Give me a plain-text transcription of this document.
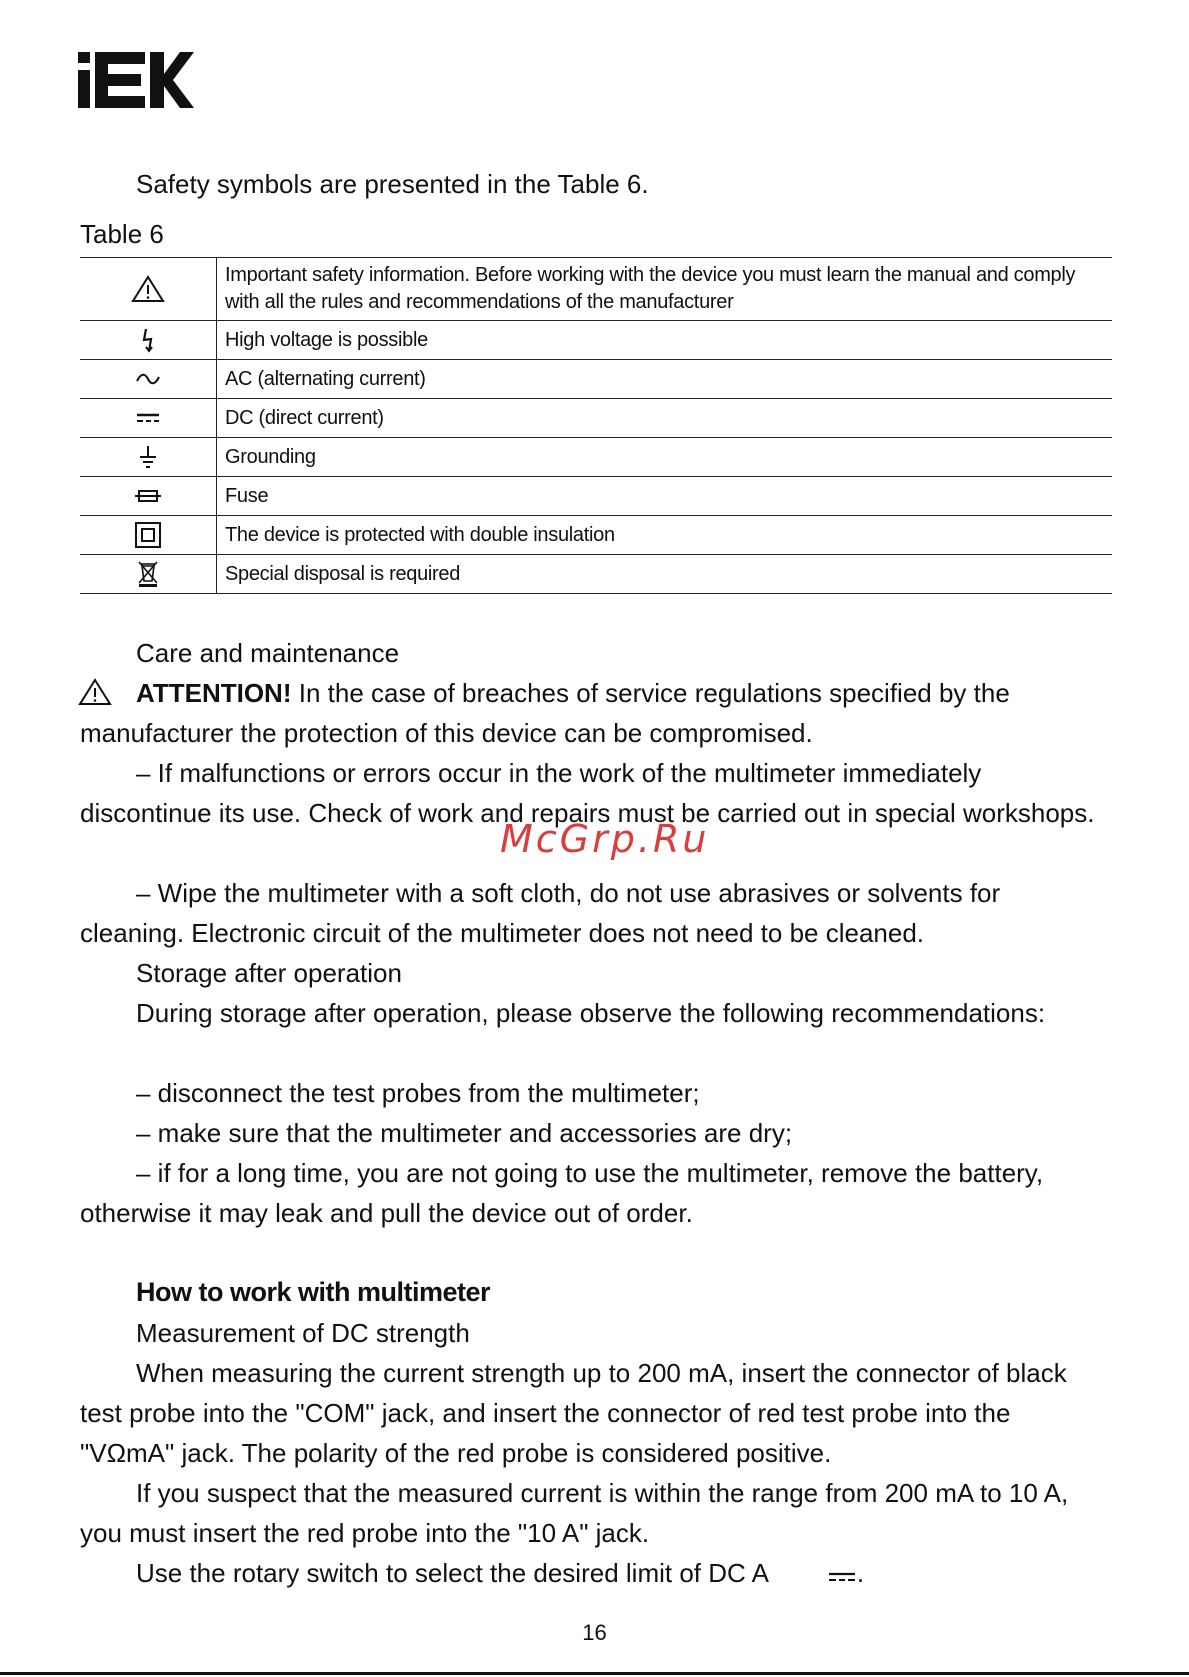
Safety symbols are presented in the Table 6.

Table 6
	Important safety information. Before working with the device you must learn the manual and comply with all the rules and recommendations of the manufacturer

	High voltage is possible

	AC (alternating current)

	DC (direct current)

	Grounding

	Fuse

	The device is protected with double insulation

	Special disposal is required

Care and maintenance

ATTENTION! In the case of breaches of service regulations specified by the manufacturer the protection of this device can be compromised.

– If malfunctions or errors occur in the work of the multimeter immediately discontinue its use. Check of work and repairs must be carried out in special workshops.

– Wipe the multimeter with a soft cloth, do not use abrasives or solvents for cleaning. Electronic circuit of the multimeter does not need to be cleaned.

Storage after operation

During storage after operation, please observe the following recommendations:

– disconnect the test probes from the multimeter;

– make sure that the multimeter and accessories are dry;

– if for a long time, you are not going to use the multimeter, remove the battery, otherwise it may leak and pull the device out of order.

How to work with multimeter

Measurement of DC strength

When measuring the current strength up to 200 mA, insert the connector of black test probe into the "COM" jack, and insert the connector of red test probe into the "VΩmA" jack. The polarity of the red probe is considered positive.

If you suspect that the measured current is within the range from 200 mA to 10 A, you must insert the red probe into the "10 A" jack.

Use the rotary switch to select the desired limit of DC A	.

McGrp.Ru
16
